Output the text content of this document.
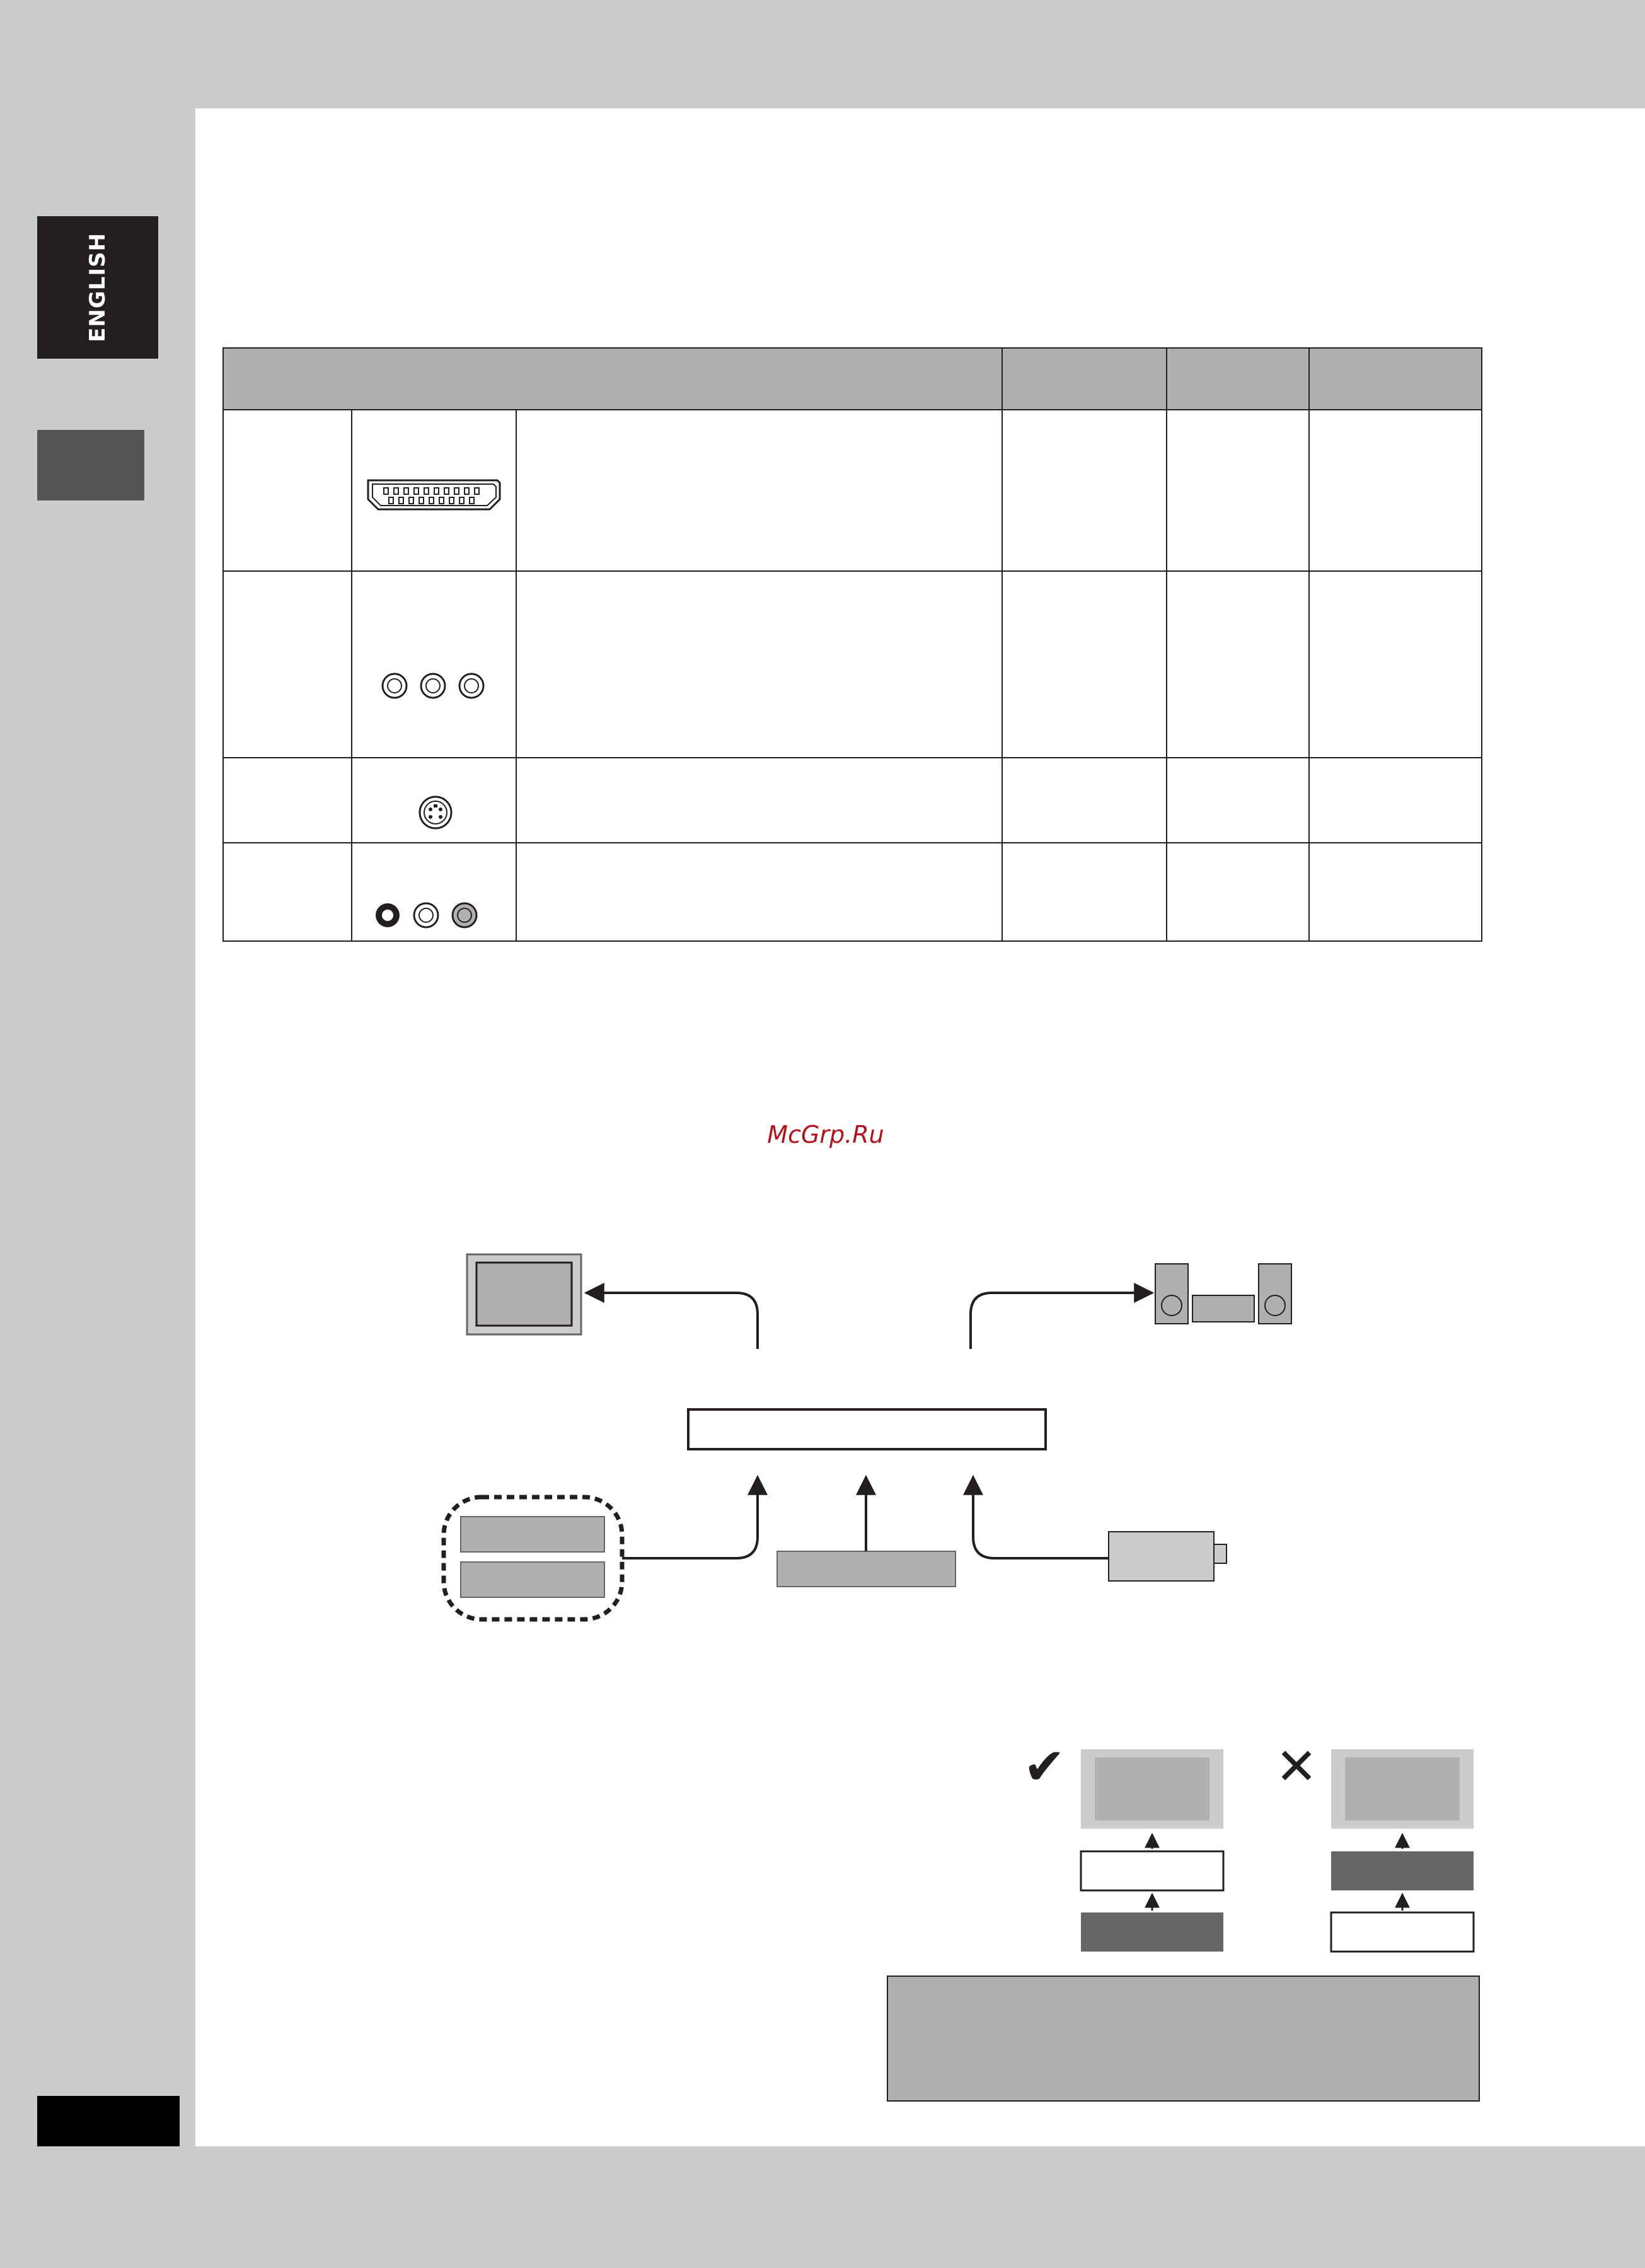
ENGLISH

McGrp.Ru
✔	✕
